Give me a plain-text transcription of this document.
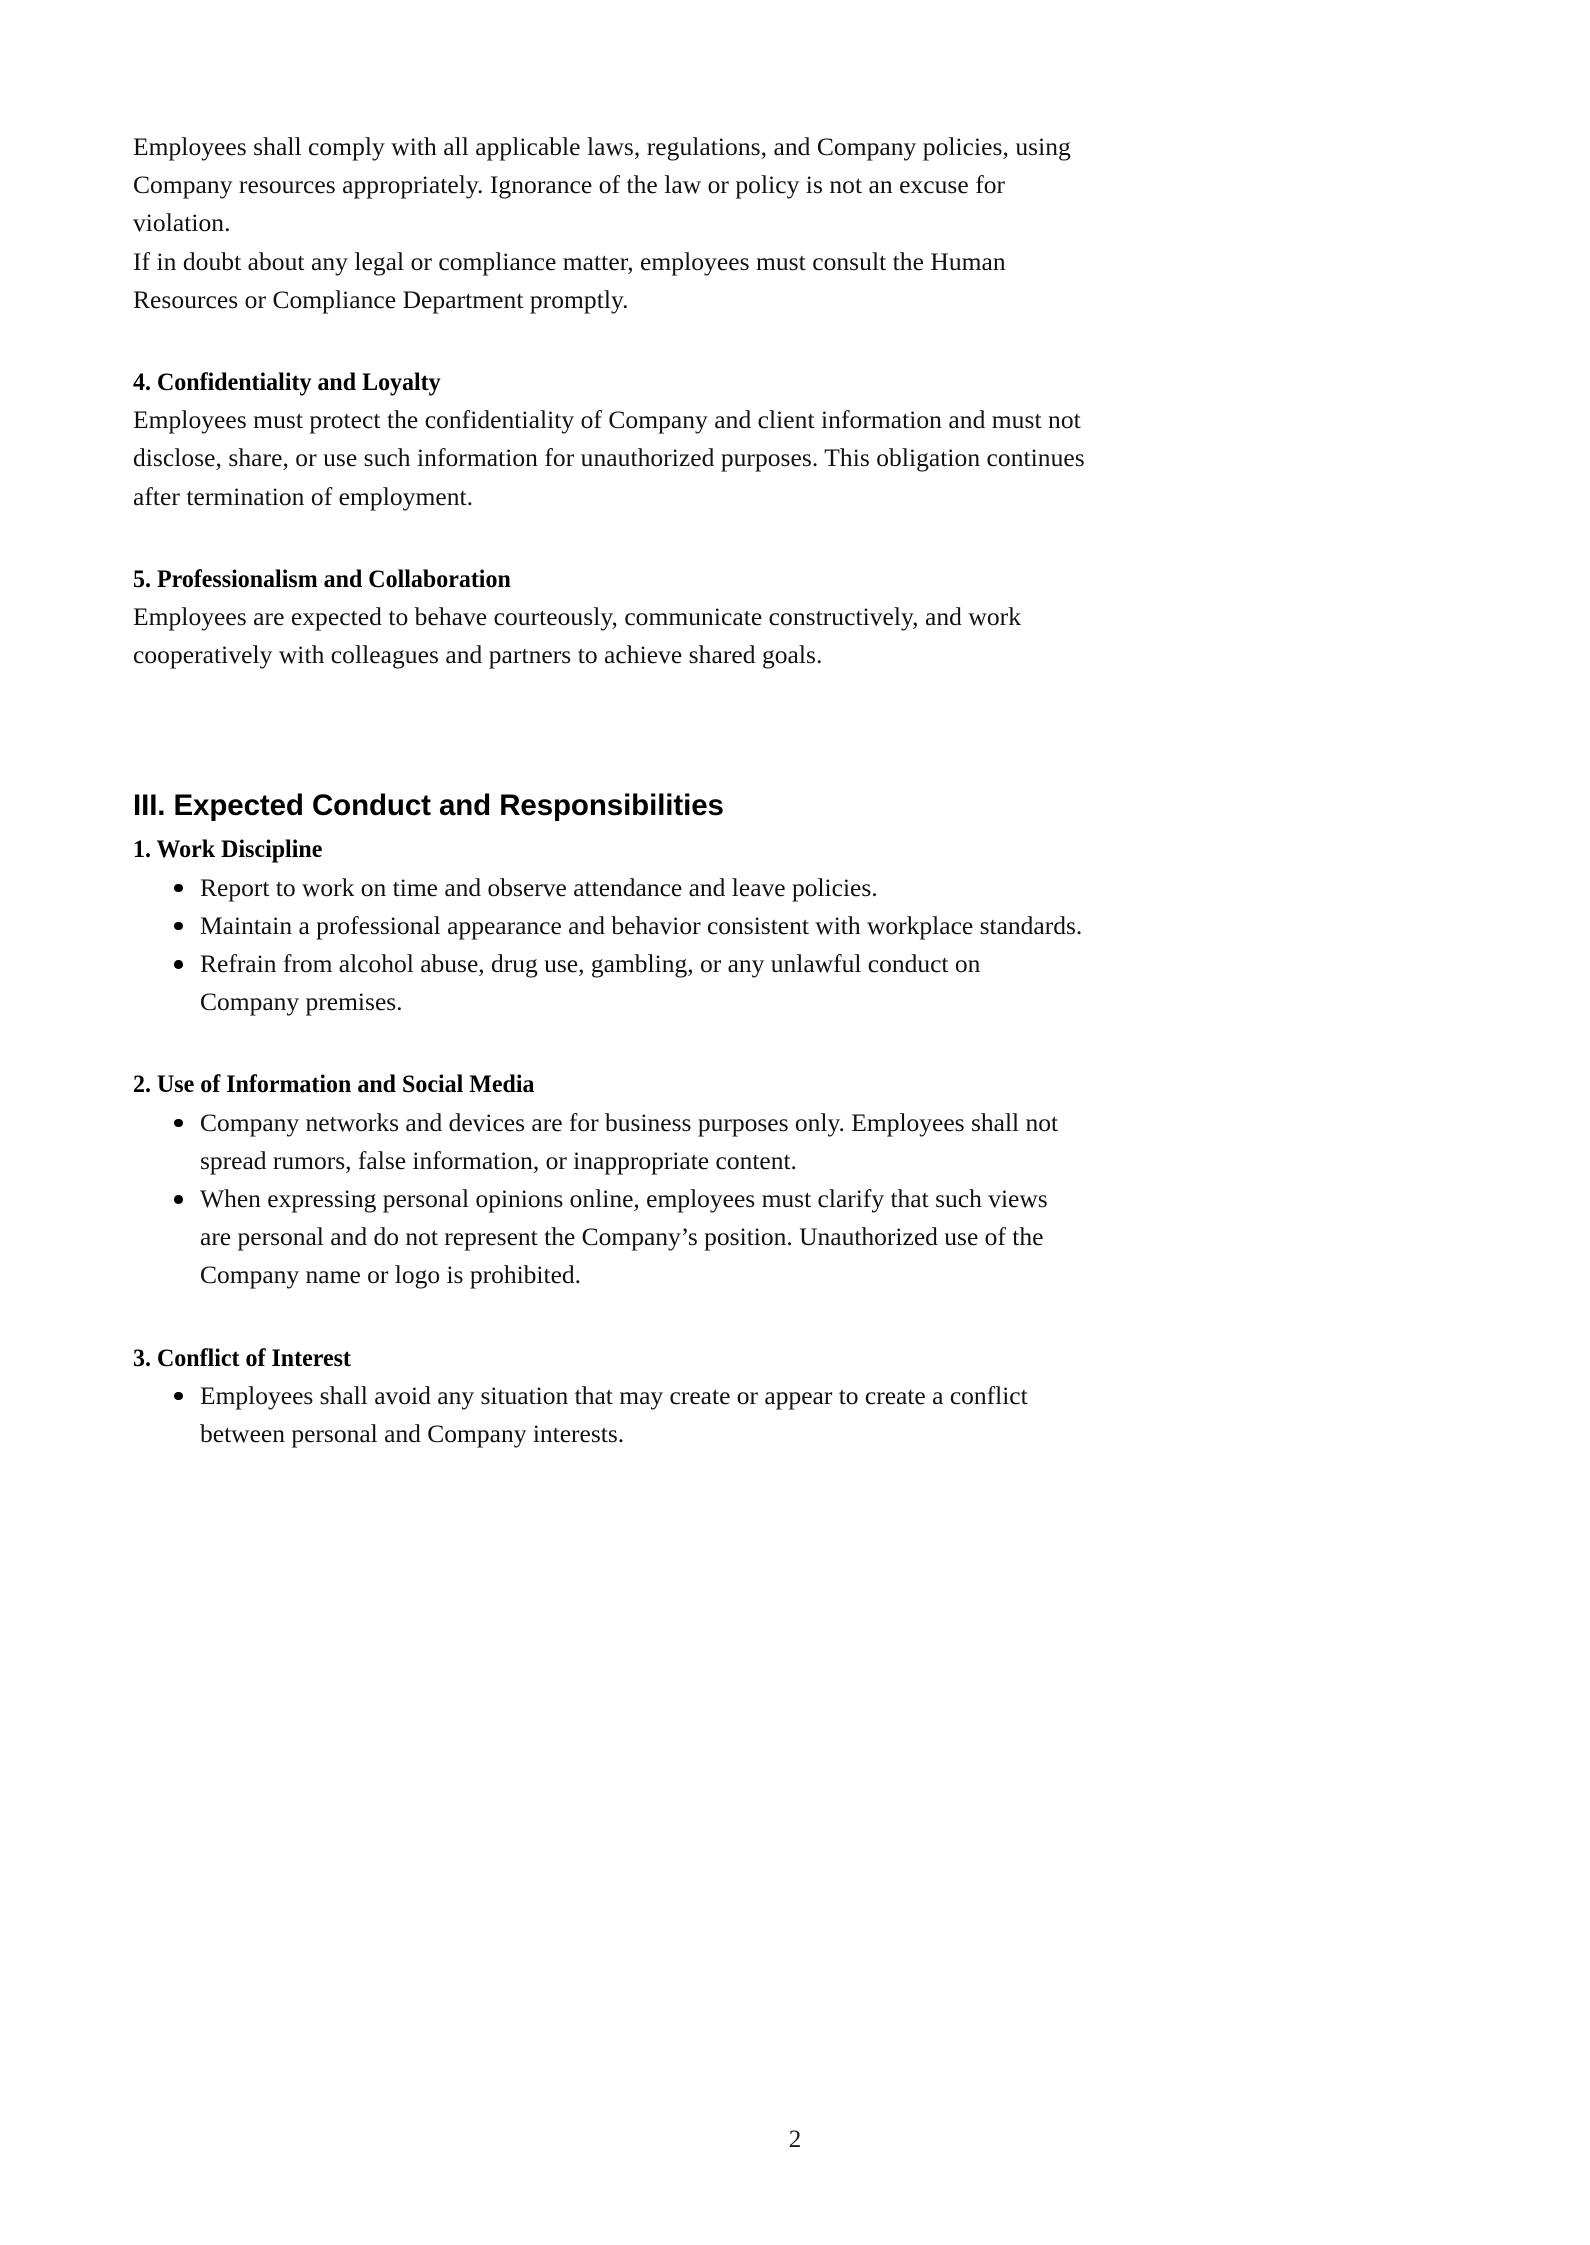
Employees shall comply with all applicable laws, regulations, and Company policies, using
Company resources appropriately. Ignorance of the law or policy is not an excuse for
violation.

If in doubt about any legal or compliance matter, employees must consult the Human
Resources or Compliance Department promptly.

4. Confidentiality and Loyalty

Employees must protect the confidentiality of Company and client information and must not
disclose, share, or use such information for unauthorized purposes. This obligation continues
after termination of employment.

5. Professionalism and Collaboration

Employees are expected to behave courteously, communicate constructively, and work
cooperatively with colleagues and partners to achieve shared goals.

III. Expected Conduct and Responsibilities
1. Work Discipline
Report to work on time and observe attendance and leave policies.
Maintain a professional appearance and behavior consistent with workplace standards.
Refrain from alcohol abuse, drug use, gambling, or any unlawful conduct on
Company premises.
2. Use of Information and Social Media
Company networks and devices are for business purposes only. Employees shall not
spread rumors, false information, or inappropriate content.
When expressing personal opinions online, employees must clarify that such views
are personal and do not represent the Company’s position. Unauthorized use of the
Company name or logo is prohibited.
3. Conflict of Interest
Employees shall avoid any situation that may create or appear to create a conflict
between personal and Company interests.
2
